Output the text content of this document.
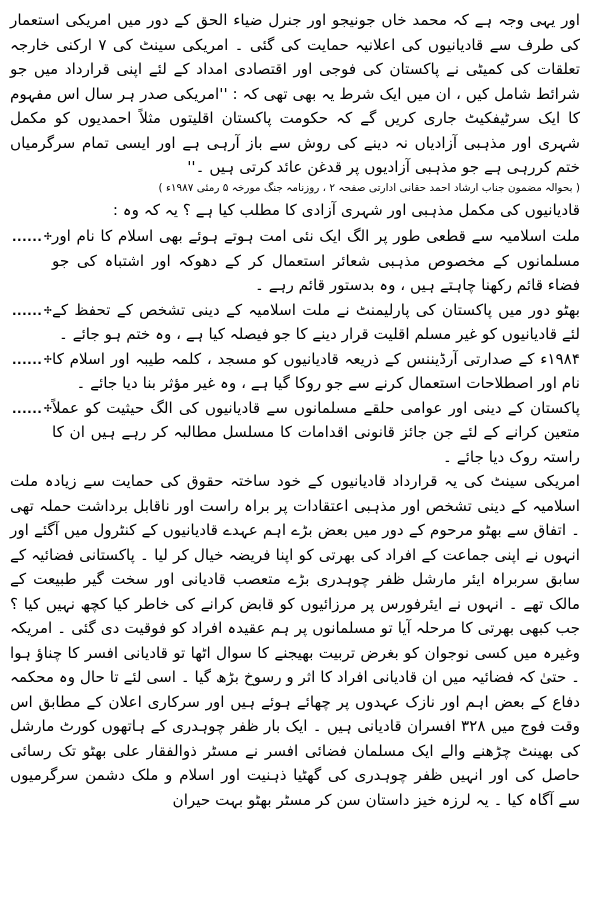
اور یہی وجہ ہے کہ محمد خاں جونیجو اور جنرل ضیاء الحق کے دور میں امریکی استعمار کی طرف سے قادیانیوں کی اعلانیہ حمایت کی گئی ۔ امریکی سینٹ کی ۷ ارکنی خارجہ تعلقات کی کمیٹی نے پاکستان کی فوجی اور اقتصادی امداد کے لئے اپنی قرارداد میں جو شرائط شامل کیں ، ان میں ایک شرط یہ بھی تھی کہ : ''امریکی صدر ہر سال اس مفہوم کا ایک سرٹیفکیٹ جاری کریں گے کہ حکومت پاکستان اقلیتوں مثلاً احمدیوں کو مکمل شہری اور مذہبی آزادیاں نہ دینے کی روش سے باز آرہی ہے اور ایسی تمام سرگرمیاں ختم کررہی ہے جو مذہبی آزادیوں پر قدغن عائد کرتی ہیں ۔''

( بحوالہ مضمون جناب ارشاد احمد حقانی ادارتی صفحہ ۲ ، روزنامہ جنگ مورخہ ۵ رمئی ۱۹۸۷ء )

قادیانیوں کی مکمل مذہبی اور شہری آزادی کا مطلب کیا ہے ؟ یہ کہ وہ :

ملت اسلامیہ سے قطعی طور پر الگ ایک نئی امت ہوتے ہوئے بھی اسلام کا نام اور مسلمانوں کے مخصوص مذہبی شعائر استعمال کر کے دھوکہ اور اشتباہ کی جو فضاء قائم رکھنا چاہتے ہیں ، وہ بدستور قائم رہے ۔
......
بھٹو دور میں پاکستان کی پارلیمنٹ نے ملت اسلامیہ کے دینی تشخص کے تحفظ کے لئے قادیانیوں کو غیر مسلم اقلیت قرار دینے کا جو فیصلہ کیا ہے ، وہ ختم ہو جائے ۔
......
۱۹۸۴ء کے صدارتی آرڈیننس کے ذریعہ قادیانیوں کو مسجد ، کلمہ طیبہ اور اسلام کا نام اور اصطلاحات استعمال کرنے سے جو روکا گیا ہے ، وہ غیر مؤثر بنا دیا جائے ۔
......
پاکستان کے دینی اور عوامی حلقے مسلمانوں سے قادیانیوں کی الگ حیثیت کو عملاً متعین کرانے کے لئے جن جائز قانونی اقدامات کا مسلسل مطالبہ کر رہے ہیں ان کا راستہ روک دیا جائے ۔
......

امریکی سینٹ کی یہ قرارداد قادیانیوں کے خود ساختہ حقوق کی حمایت سے زیادہ ملت اسلامیہ کے دینی تشخص اور مذہبی اعتقادات پر براہ راست اور ناقابل برداشت حملہ تھی ۔ اتفاق سے بھٹو مرحوم کے دور میں بعض بڑے اہم عہدے قادیانیوں کے کنٹرول میں آگئے اور انہوں نے اپنی جماعت کے افراد کی بھرتی کو اپنا فریضہ خیال کر لیا ۔ پاکستانی فضائیہ کے سابق سربراہ ایئر مارشل ظفر چوہدری بڑے متعصب قادیانی اور سخت گیر طبیعت کے مالک تھے ۔ انہوں نے ایئرفورس پر مرزائیوں کو قابض کرانے کی خاطر کیا کچھ نہیں کیا ؟ جب کبھی بھرتی کا مرحلہ آیا تو مسلمانوں پر ہم عقیدہ افراد کو فوقیت دی گئی ۔ امریکہ وغیرہ میں کسی نوجوان کو بغرض تربیت بھیجنے کا سوال اٹھا تو قادیانی افسر کا چناؤ ہوا ۔ حتیٰ کہ فضائیہ میں ان قادیانی افراد کا اثر و رسوخ بڑھ گیا ۔ اسی لئے تا حال وہ محکمہ دفاع کے بعض اہم اور نازک عہدوں پر چھائے ہوئے ہیں اور سرکاری اعلان کے مطابق اس وقت فوج میں ۳۲۸ افسران قادیانی ہیں ۔ ایک بار ظفر چوہدری کے ہاتھوں کورٹ مارشل کی بھینٹ چڑھنے والے ایک مسلمان فضائی افسر نے مسٹر ذوالفقار علی بھٹو تک رسائی حاصل کی اور انہیں ظفر چوہدری کی گھٹیا ذہنیت اور اسلام و ملک دشمن سرگرمیوں سے آگاہ کیا ۔ یہ لرزہ خیز داستان سن کر مسٹر بھٹو بہت حیران
